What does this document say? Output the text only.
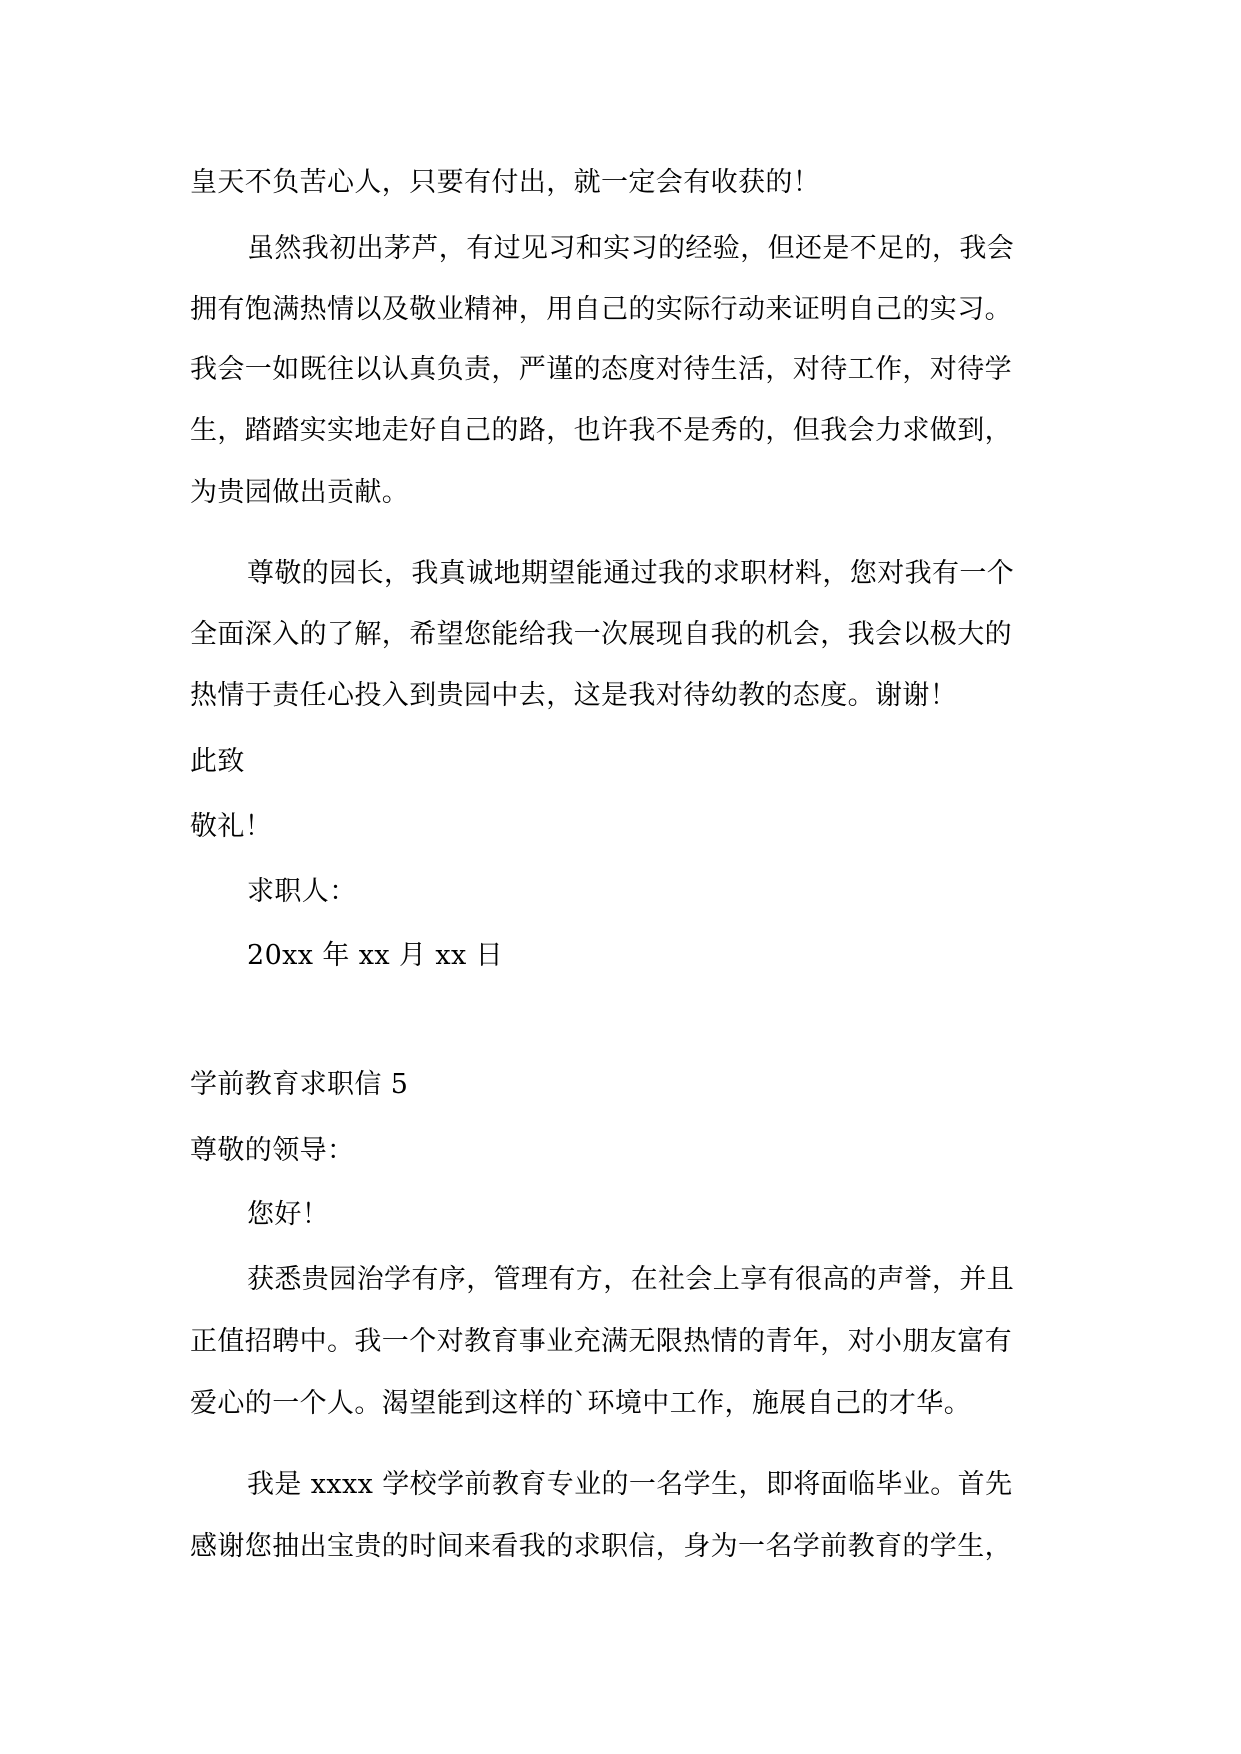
皇天不负苦心人，只要有付出，就一定会有收获的！
虽然我初出茅芦，有过见习和实习的经验，但还是不足的，我会
拥有饱满热情以及敬业精神，用自己的实际行动来证明自己的实习。
我会一如既往以认真负责，严谨的态度对待生活，对待工作，对待学
生，踏踏实实地走好自己的路，也许我不是秀的，但我会力求做到，
为贵园做出贡献。
尊敬的园长，我真诚地期望能通过我的求职材料，您对我有一个
全面深入的了解，希望您能给我一次展现自我的机会，我会以极大的
热情于责任心投入到贵园中去，这是我对待幼教的态度。谢谢！
此致
敬礼！
求职人：
20xx 年 xx 月 xx 日
学前教育求职信 5
尊敬的领导：
您好！
获悉贵园治学有序，管理有方，在社会上享有很高的声誉，并且
正值招聘中。我一个对教育事业充满无限热情的青年，对小朋友富有
爱心的一个人。渴望能到这样的`环境中工作，施展自己的才华。
我是 xxxx 学校学前教育专业的一名学生，即将面临毕业。首先
感谢您抽出宝贵的时间来看我的求职信，身为一名学前教育的学生，
